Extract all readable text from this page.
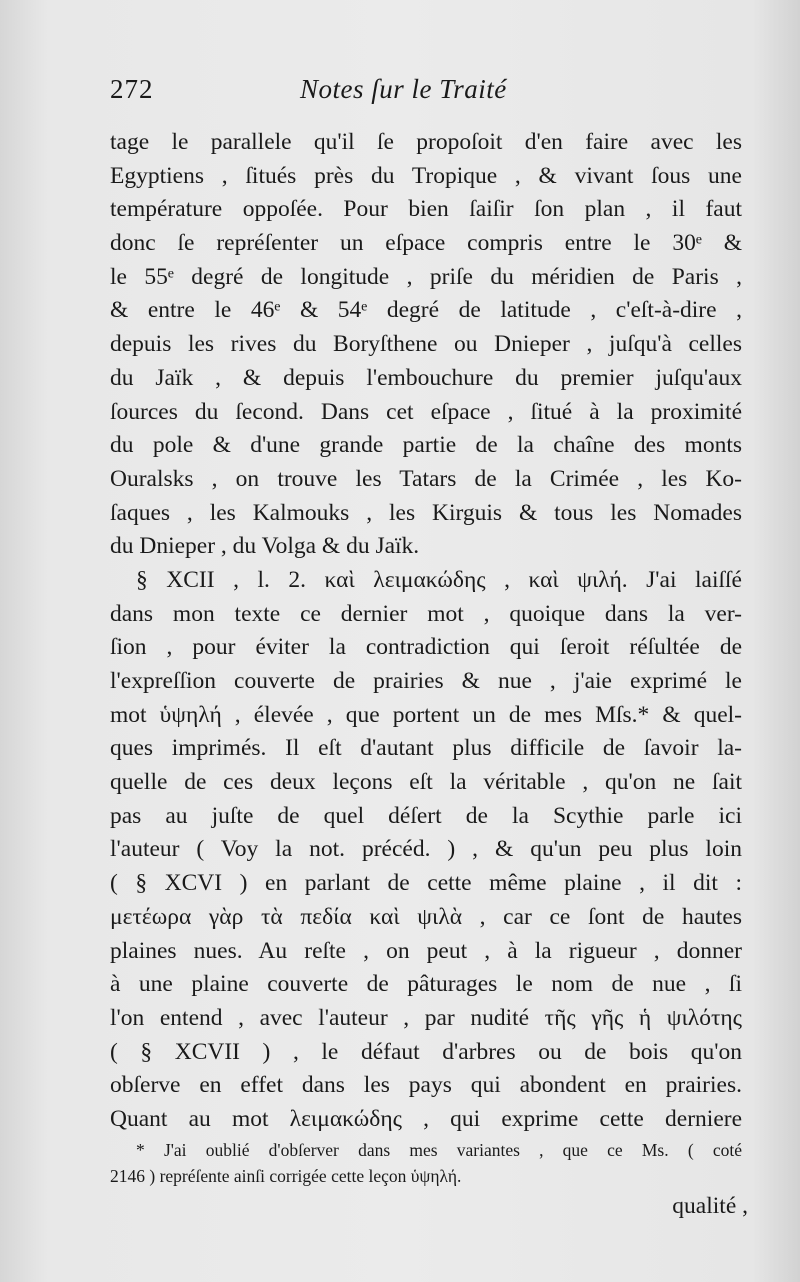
272	Notes ſur le Traité
tage le parallele qu'il ſe propoſoit d'en faire avec les
Egyptiens , ſitués près du Tropique , & vivant ſous une
température oppoſée. Pour bien ſaiſir ſon plan , il faut
donc ſe repréſenter un eſpace compris entre le 30ᵉ &
le 55ᵉ degré de longitude , priſe du méridien de Paris ,
& entre le 46ᵉ & 54ᵉ degré de latitude , c'eſt-à-dire ,
depuis les rives du Boryſthene ou Dnieper , juſqu'à celles
du Jaïk , & depuis l'embouchure du premier juſqu'aux
ſources du ſecond. Dans cet eſpace , ſitué à la proximité
du pole & d'une grande partie de la chaîne des monts
Ouralsks , on trouve les Tatars de la Crimée , les Ko-
ſaques , les Kalmouks , les Kirguis & tous les Nomades
du Dnieper , du Volga & du Jaïk.
§ XCII , l. 2. καὶ λειμακώδης , καὶ ψιλή. J'ai laiſſé
dans mon texte ce dernier mot , quoique dans la ver-
ſion , pour éviter la contradiction qui ſeroit réſultée de
l'expreſſion couverte de prairies & nue , j'aie exprimé le
mot ὑψηλή , élevée , que portent un de mes Mſs.* & quel-
ques imprimés. Il eſt d'autant plus difficile de ſavoir la-
quelle de ces deux leçons eſt la véritable , qu'on ne ſait
pas au juſte de quel déſert de la Scythie parle ici
l'auteur ( Voy la not. précéd. ) , & qu'un peu plus loin
( § XCVI ) en parlant de cette même plaine , il dit :
μετέωρα γὰρ τὰ πεδία καὶ ψιλὰ , car ce ſont de hautes
plaines nues. Au reſte , on peut , à la rigueur , donner
à une plaine couverte de pâturages le nom de nue , ſi
l'on entend , avec l'auteur , par nudité τῆς γῆς ἡ ψιλότης
( § XCVII ) , le défaut d'arbres ou de bois qu'on
obſerve en effet dans les pays qui abondent en prairies.
Quant au mot λειμακώδης , qui exprime cette derniere
* J'ai oublié d'obſerver dans mes variantes , que ce Ms. ( coté
2146 ) repréſente ainſi corrigée cette leçon ὑψηλή.
qualité ,
